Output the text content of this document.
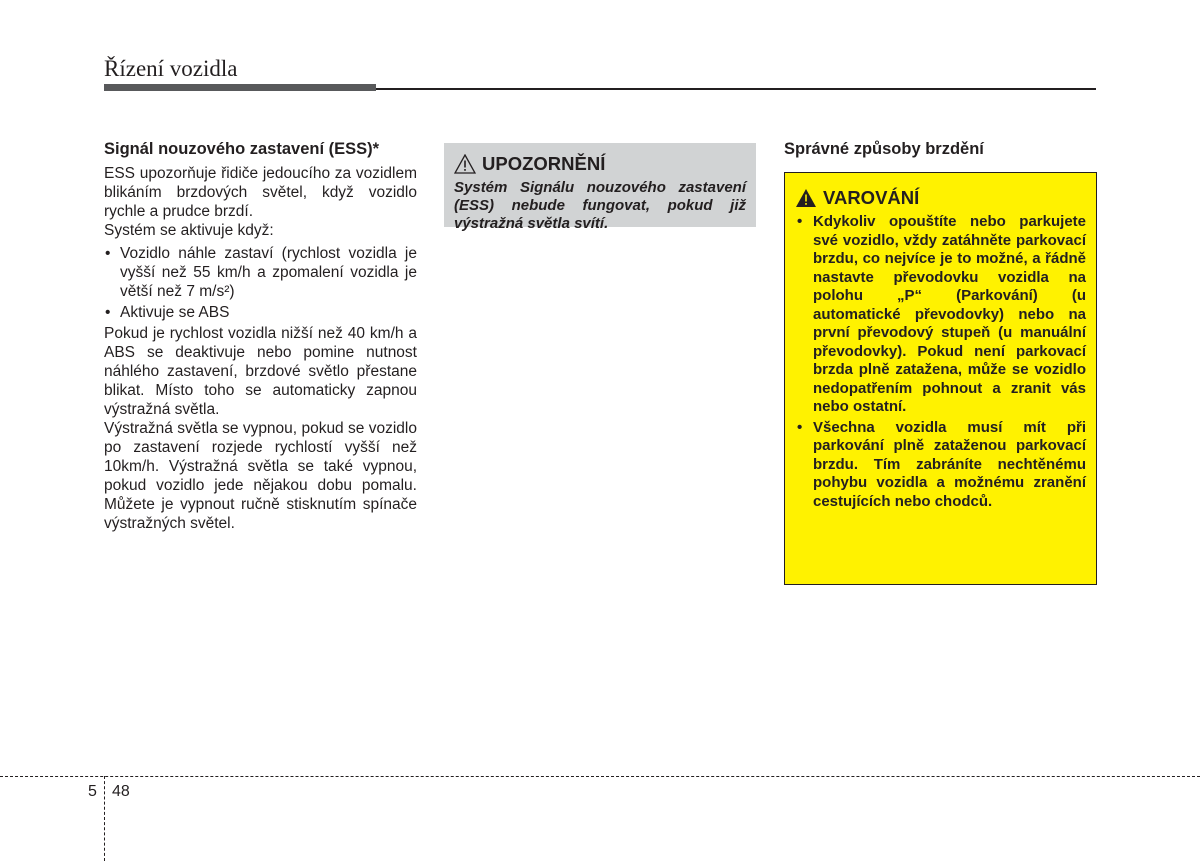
Řízení vozidla
Signál nouzového zastavení (ESS)*

ESS upozorňuje řidiče jedoucího za vozidlem blikáním brzdových světel, když vozidlo rychle a prudce brzdí.

Systém se aktivuje když:

• Vozidlo náhle zastaví (rychlost vozidla je vyšší než 55 km/h a zpomalení vozidla je větší než 7 m/s²)
• Aktivuje se ABS

Pokud je rychlost vozidla nižší než 40 km/h a ABS se deaktivuje nebo pomine nutnost náhlého zastavení, brzdové světlo přestane blikat. Místo toho se automaticky zapnou výstražná světla.

Výstražná světla se vypnou, pokud se vozidlo po zastavení rozjede rychlostí vyšší než 10km/h. Výstražná světla se také vypnou, pokud vozidlo jede nějakou dobu pomalu. Můžete je vypnout ručně stisknutím spínače výstražných světel.

UPOZORNĚNÍ

Systém Signálu nouzového zastavení (ESS) nebude fungovat, pokud již výstražná světla svítí.

Správné způsoby brzdění
VAROVÁNÍ
• Kdykoliv opouštíte nebo parkujete své vozidlo, vždy zatáhněte parkovací brzdu, co nejvíce je to možné, a řádně nastavte převodovku vozidla na polohu „P“ (Parkování) (u automatické převodovky) nebo na první převodový stupeň (u manuální převodovky). Pokud není parkovací brzda plně zatažena, může se vozidlo nedopatřením pohnout a zranit vás nebo ostatní.
• Všechna vozidla musí mít při parkování plně zataženou parkovací brzdu. Tím zabráníte nechtěnému pohybu vozidla a možnému zranění cestujících nebo chodců.
5 48
